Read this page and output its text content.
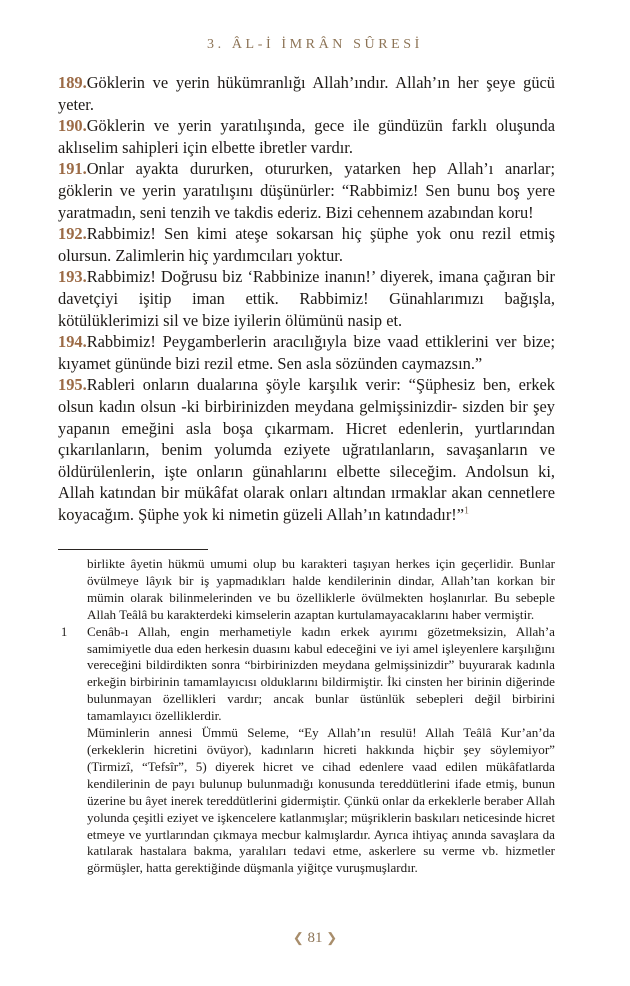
3. ÂL-İ İMRÂN SÛRESİ

189.Göklerin ve yerin hükümranlığı Allah’ındır. Allah’ın her şeye gücü yeter.

190.Göklerin ve yerin yaratılışında, gece ile gündüzün farklı oluşunda aklıselim sahipleri için elbette ibretler vardır.

191.Onlar ayakta dururken, otururken, yatarken hep Allah’ı anarlar; göklerin ve yerin yaratılışını düşünürler: “Rabbimiz! Sen bunu boş yere yaratmadın, seni tenzih ve takdis ederiz. Bizi cehennem azabından koru!

192.Rabbimiz! Sen kimi ateşe sokarsan hiç şüphe yok onu rezil etmiş olursun. Zalimlerin hiç yardımcıları yoktur.

193.Rabbimiz! Doğrusu biz ‘Rabbinize inanın!’ diyerek, imana çağıran bir davetçiyi işitip iman ettik. Rabbimiz! Günahlarımızı bağışla, kötülüklerimizi sil ve bize iyilerin ölümünü nasip et.

194.Rabbimiz! Peygamberlerin aracılığıyla bize vaad ettiklerini ver bize; kıyamet gününde bizi rezil etme. Sen asla sözünden caymazsın.”

195.Rableri onların dualarına şöyle karşılık verir: “Şüphesiz ben, erkek olsun kadın olsun -ki birbirinizden meydana gelmişsinizdir- sizden bir şey yapanın emeğini asla boşa çıkarmam. Hicret edenlerin, yurtlarından çıkarılanların, benim yolumda eziyete uğratılanların, savaşanların ve öldürülenlerin, işte onların günahlarını elbette sileceğim. Andolsun ki, Allah katından bir mükâfat olarak onları altından ırmaklar akan cennetlere koyacağım. Şüphe yok ki nimetin güzeli Allah’ın katındadır!”$^1$

birlikte âyetin hükmü umumi olup bu karakteri taşıyan herkes için geçerlidir. Bunlar övülmeye lâyık bir iş yapmadıkları halde kendilerinin dindar, Allah’tan korkan bir mümin olarak bilinmelerinden ve bu özelliklerle övülmekten hoşlanırlar. Bu sebeple Allah Teâlâ bu karakterdeki kimselerin azaptan kurtulamayacaklarını haber vermiştir.

1 Cenâb-ı Allah, engin merhametiyle kadın erkek ayırımı gözetmeksizin, Allah’a samimiyetle dua eden herkesin duasını kabul edeceğini ve iyi amel işleyenlere karşılığını vereceğini bildirdikten sonra “birbirinizden meydana gelmişsinizdir” buyurarak kadınla erkeğin birbirinin tamamlayıcısı olduklarını bildirmiştir. İki cinsten her birinin diğerinde bulunmayan özellikleri vardır; ancak bunlar üstünlük sebepleri değil birbirini tamamlayıcı özelliklerdir.

Müminlerin annesi Ümmü Seleme, “Ey Allah’ın resulü! Allah Teâlâ Kur’an’da (erkeklerin hicretini övüyor), kadınların hicreti hakkında hiçbir şey söylemiyor” (Tirmizî, “Tefsîr”, 5) diyerek hicret ve cihad edenlere vaad edilen mükâfatlarda kendilerinin de payı bulunup bulunmadığı konusunda tereddütlerini ifade etmiş, bunun üzerine bu âyet inerek tereddütlerini gidermiştir. Çünkü onlar da erkeklerle beraber Allah yolunda çeşitli eziyet ve işkencelere katlanmışlar; müşriklerin baskıları neticesinde hicret etmeye ve yurtlarından çıkmaya mecbur kalmışlardır. Ayrıca ihtiyaç anında savaşlara da katılarak hastalara bakma, yaralıları tedavi etme, askerlere su verme vb. hizmetler görmüşler, hatta gerektiğinde düşmanla yiğitçe vuruşmuşlardır.

❮ 81 ❯
